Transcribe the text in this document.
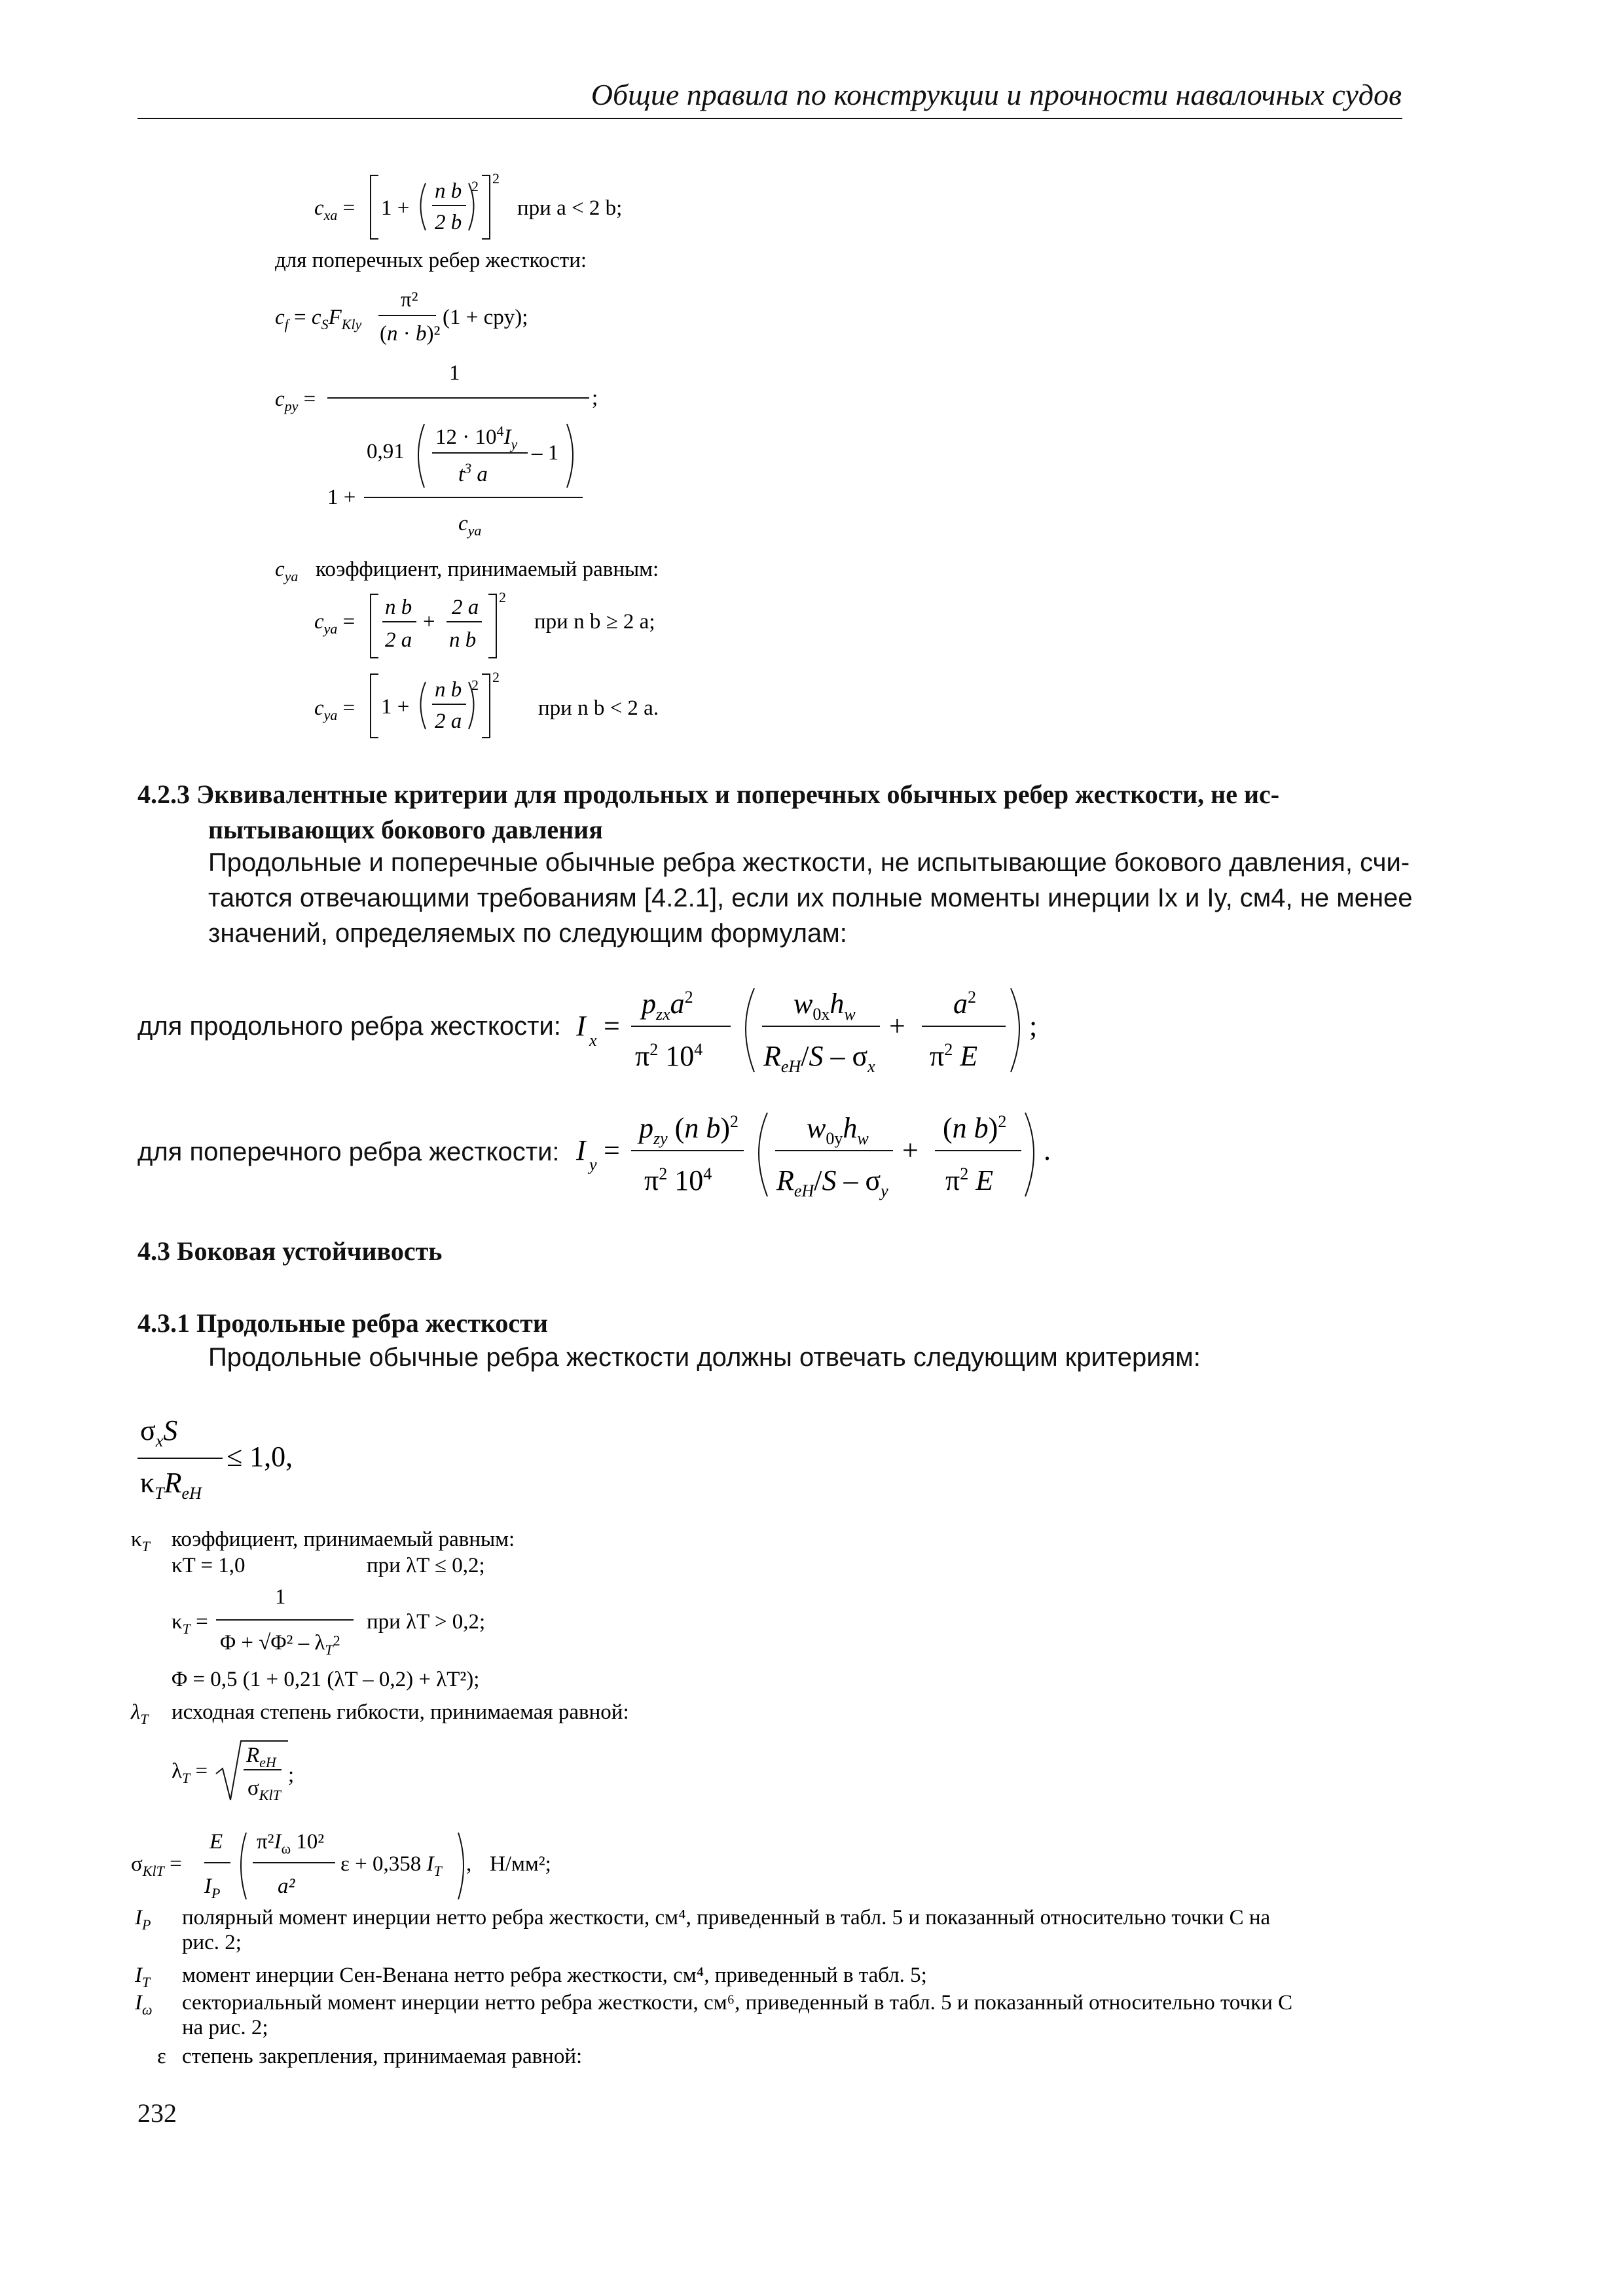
Общие правила по конструкции и прочности навалочных судов
$c_{xa} = 1$ +
n b
2 b
2 2
при a < 2 b;
для поперечных ребер жесткости:
$c_f = c_SF_{Kly}$
π²
(n · b)²
(1 + cpy);
$c_{py}$ =
1
;
0,91
$12 \cdot 10^4I_y$
$t^3$ a
– 1
1 +
$c_{ya}$
$c_{ya}$ коэффициент, принимаемый равным:
$c_{ya}$ =
n b
2 a
+
2 a
n b
2
при n b ≥ 2 a;
$c_{ya} = 1$ +
n b
2 a
2 2
при n b < 2 a.
4.2.3 Эквивалентные критерии для продольных и поперечных обычных ребер жесткости, не ис-
пытывающих бокового давления
Продольные и поперечные обычные ребра жесткости, не испытывающие бокового давления, счи-
таются отвечающими требованиям [4.2.1], если их полные моменты инерции Ix и Iy, см4, не менее
значений, определяемых по следующим формулам:
для продольного ребра жесткости: I x =
$p_{zx}a^2$
$\pi^2$ $10^4$
$w_{0x}h_w$
$R_{eH}/S - \sigma_x$
+
$a^2$
$\pi^2$ E
;
для поперечного ребра жесткости: I y =
$p_{zy}$ (n b)$^2$
$\pi^2$ $10^4$
$w_{0y}h_w$
$R_{eH}/S - \sigma_y$
+
(n b)$^2$
$\pi^2$ E
.
4.3 Боковая устойчивость
4.3.1 Продольные ребра жесткости
Продольные обычные ребра жесткости должны отвечать следующим критериям:
$\sigma_xS$
$\kappa_TR_{eH}$
≤ 1,0,
$\kappa_T$ коэффициент, принимаемый равным:
κT = 1,0	при λT ≤ 0,2;
$\kappa_T$ =
1
$\Phi + √\Phi^2 - \lambda_T^2$
при λT > 0,2;
Φ = 0,5 (1 + 0,21 (λT – 0,2) + λT²);
$\lambda_T$ исходная степень гибкости, принимаемая равной:
$\lambda_T$ =
$R_{eH}$
$\sigma_{KlT}$
;
$\sigma_{KlT}$ =
E
$I_P$
$\pi^2I_\omega$ 10²
a²
ε + 0,358 $I_T$ , Н/мм²;
$I_P$ полярный момент инерции нетто ребра жесткости, см⁴, приведенный в табл. 5 и показанный относительно точки C на
рис. 2;
$I_T$ момент инерции Сен-Венана нетто ребра жесткости, см⁴, приведенный в табл. 5;
$I_\omega$ секториальный момент инерции нетто ребра жесткости, см⁶, приведенный в табл. 5 и показанный относительно точки C
на рис. 2;
ε степень закрепления, принимаемая равной:
232
